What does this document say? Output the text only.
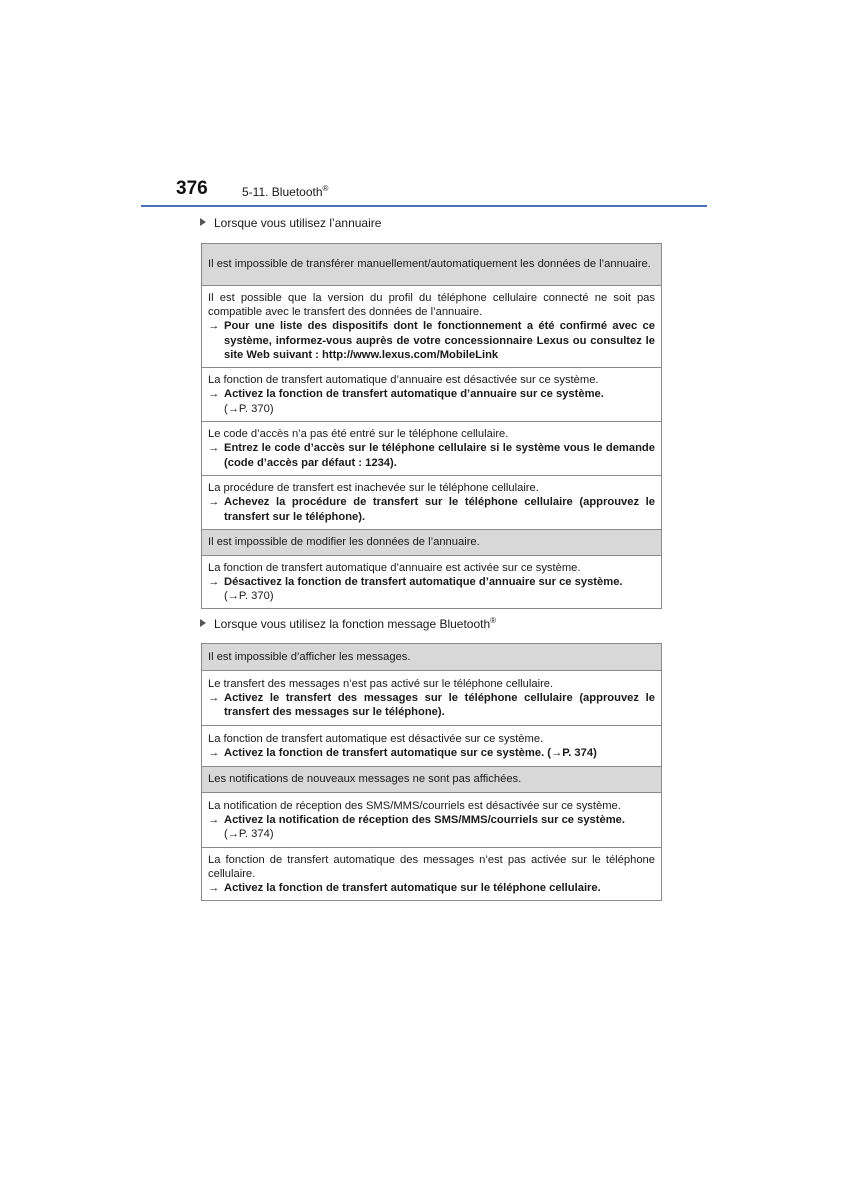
376	5-11. Bluetooth®
Lorsque vous utilisez l’annuaire
Il est impossible de transférer manuellement/automatiquement les données de l’annuaire.
Il est possible que la version du profil du téléphone cellulaire connecté ne soit pas compatible avec le transfert des données de l’annuaire.
→ Pour une liste des dispositifs dont le fonctionnement a été confirmé avec ce système, informez-vous auprès de votre concessionnaire Lexus ou consultez le site Web suivant : http://www.lexus.com/MobileLink
La fonction de transfert automatique d’annuaire est désactivée sur ce système.
→ Activez la fonction de transfert automatique d’annuaire sur ce système.
(→P. 370)
Le code d’accès n’a pas été entré sur le téléphone cellulaire.
→ Entrez le code d’accès sur le téléphone cellulaire si le système vous le demande (code d’accès par défaut : 1234).
La procédure de transfert est inachevée sur le téléphone cellulaire.
→ Achevez la procédure de transfert sur le téléphone cellulaire (approuvez le transfert sur le téléphone).
Il est impossible de modifier les données de l’annuaire.
La fonction de transfert automatique d’annuaire est activée sur ce système.
→ Désactivez la fonction de transfert automatique d’annuaire sur ce système.
(→P. 370)
Lorsque vous utilisez la fonction message Bluetooth®
Il est impossible d’afficher les messages.
Le transfert des messages n’est pas activé sur le téléphone cellulaire.
→ Activez le transfert des messages sur le téléphone cellulaire (approuvez le transfert des messages sur le téléphone).
La fonction de transfert automatique est désactivée sur ce système.
→ Activez la fonction de transfert automatique sur ce système. (→P. 374)
Les notifications de nouveaux messages ne sont pas affichées.
La notification de réception des SMS/MMS/courriels est désactivée sur ce système.
→ Activez la notification de réception des SMS/MMS/courriels sur ce système.
(→P. 374)
La fonction de transfert automatique des messages n’est pas activée sur le téléphone cellulaire.
→ Activez la fonction de transfert automatique sur le téléphone cellulaire.
